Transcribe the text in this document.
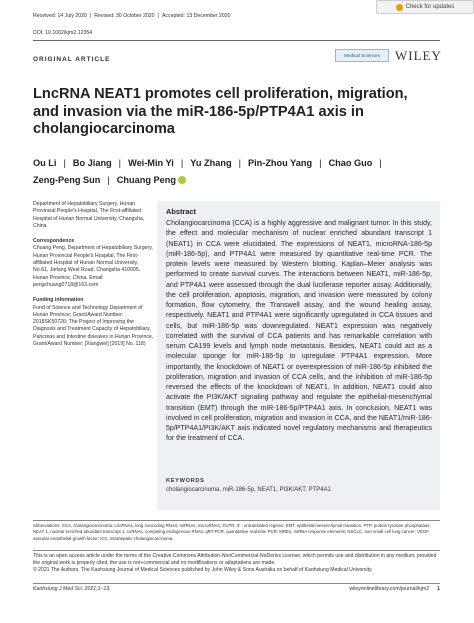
Check for updates
Received: 14 July 2020 | Revised: 30 October 2020 | Accepted: 13 December 2020
DOI: 10.1002/kjm2.12354
Medical Sciences	WILEY
ORIGINAL ARTICLE
LncRNA NEAT1 promotes cell proliferation, migration, and invasion via the miR-186-5p/PTP4A1 axis in cholangiocarcinoma
Ou Li | Bo Jiang | Wei-Min Yi | Yu Zhang | Pin-Zhou Yang | Chao Guo |
Zeng-Peng Sun | Chuang Peng
Department of Hepatobiliary Surgery, Hunan Provincial People's Hospital, The First-affiliated Hospital of Hunan Normal University, Changsha, China
Correspondence
Chuang Peng, Department of Hepatobiliary Surgery, Hunan Provincial People's Hospital, The First-affiliated Hospital of Hunan Normal University, No.61, Jiefang West Road, Changsha 410005, Hunan Province, China. Email: pengchuang0718@163.com
Funding information
Fund of Science and Technology Department of Hunan Province, Grant/Award Number: 2018SK50726; The Project of Improving the Diagnosis and Treatment Capacity of Hepatobiliary, Pancreas and Intestine diseases in Hunan Province, Grant/Award Number: [Xiangwei] [2019] No. 118)
Abstract
Cholangiocarcinoma (CCA) is a highly aggressive and malignant tumor. In this study, the effect and molecular mechanism of nuclear enriched abundant transcript 1 (NEAT1) in CCA were elucidated. The expressions of NEAT1, microRNA-186-5p (miR-186-5p), and PTP4A1 were measured by quantitative real-time PCR. The protein levels were measured by Western blotting. Kaplan–Meier analysis was performed to create survival curves. The interactions between NEAT1, miR-186-5p, and PTP4A1 were assessed through the dual luciferase reporter assay. Additionally, the cell proliferation, apoptosis, migration, and invasion were measured by colony formation, flow cytometry, the Transwell assay, and the wound healing assay, respectively. NEAT1 and PTP4A1 were significantly upregulated in CCA tissues and cells, but miR-186-5p was downregulated. NEAT1 expression was negatively correlated with the survival of CCA patients and has remarkable correlation with serum CA199 levels and lymph node metastasis. Besides, NEAT1 could act as a molecular sponge for miR-186-5p to upregulate PTP4A1 expression. More importantly, the knockdown of NEAT1 or overexpression of miR-186-5p inhibited the proliferation, migration and invasion of CCA cells, and the inhibition of miR-186-5p reversed the effects of the knockdown of NEAT1. In addition, NEAT1 could also activate the PI3K/AKT signaling pathway and regulate the epithelial-mesenchymal transition (EMT) through the miR-186-5p/PTP4A1 axis. In conclusion, NEAT1 was involved in cell proliferation, migration and invasion in CCA, and the NEAT1/miR-186-5p/PTP4A1/PI3K/AKT axis indicated novel regulatory mechanisms and therapeutics for the treatment of CCA.
KEYWORDS
cholangiocarcinoma, miR-186-5p, NEAT1, PI3K/AKT, PTP4A1
Abbreviations: CCA, cholangiocarcinoma; LncRNAs, long noncoding RNAs; miRNAs, microRNAs; 3'UTR, 3' - untranslated regions; EMT, epithelial-mesenchymal transition; PTP, protein tyrosine phosphatase; NEAT 1, nuclear enriched abundant transcript 1; ceRNAs, competing endogenous RNAs; qRT-PCR, quantitative real-time PCR; MREs, miRNA response elements; NSCLC, non-small cell lung cancer; VEGF, vascular endothelial growth factor; ICC, intrahepatic cholangiocarcinoma.
This is an open access article under the terms of the Creative Commons Attribution-NonCommercial-NoDerivs License, which permits use and distribution in any medium, provided the original work is properly cited, the use is non-commercial and no modifications or adaptations are made.
© 2021 The Authors. The Kaohsiung Journal of Medical Sciences published by John Wiley & Sons Australia on behalf of Kaohsiung Medical University.
Kaohsiung J Med Sci. 2021;1–13.	wileyonlinelibrary.com/journal/kjm2 1
